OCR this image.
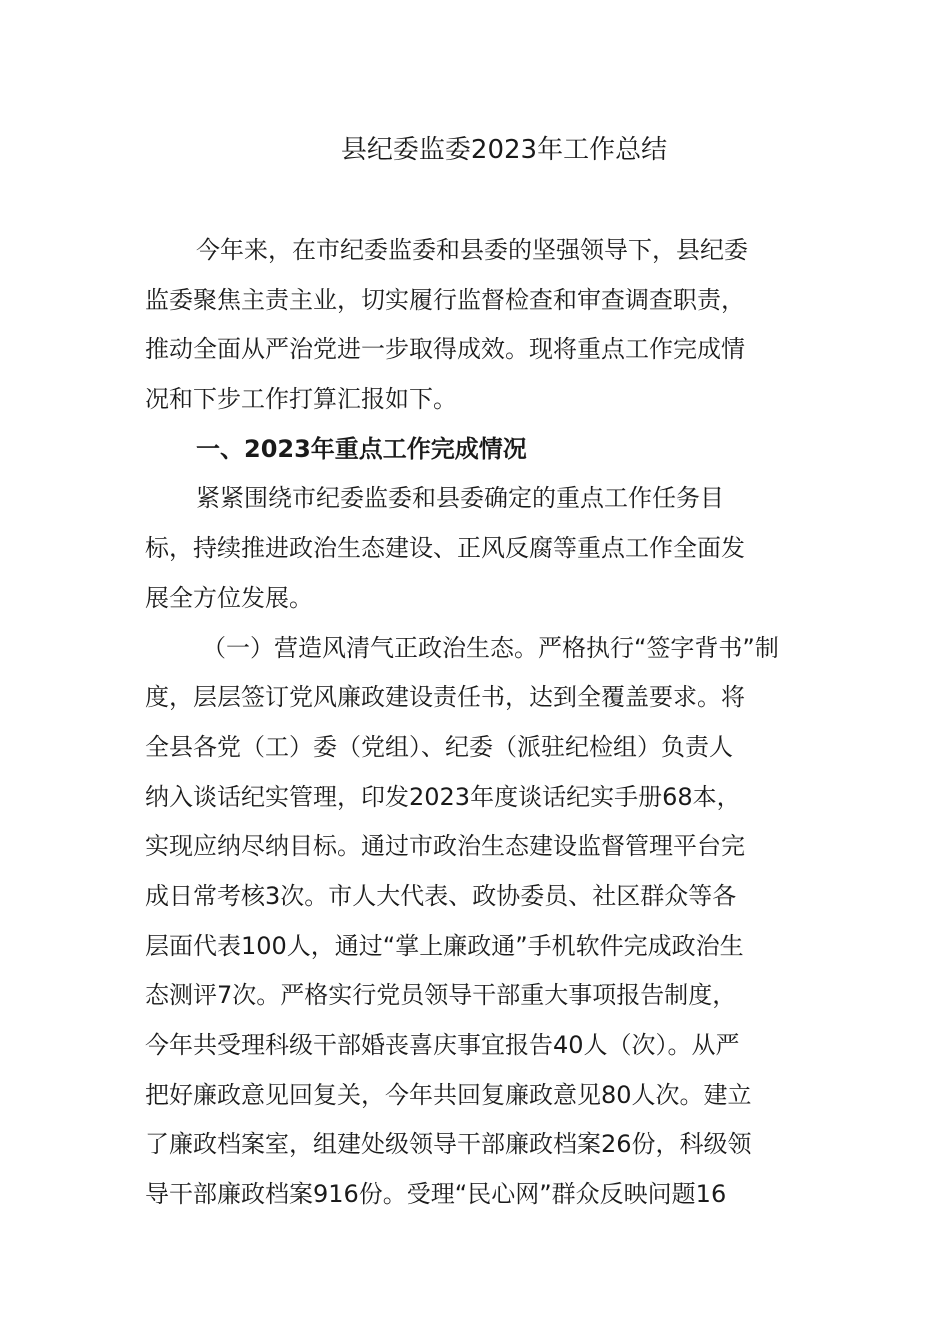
县纪委监委2023年工作总结
今年来，在市纪委监委和县委的坚强领导下，县纪委
监委聚焦主责主业，切实履行监督检查和审查调查职责，
推动全面从严治党进一步取得成效。现将重点工作完成情
况和下步工作打算汇报如下。
一、2023年重点工作完成情况
紧紧围绕市纪委监委和县委确定的重点工作任务目
标，持续推进政治生态建设、正风反腐等重点工作全面发
展全方位发展。
（一）营造风清气正政治生态。严格执行“签字背书”制
度，层层签订党风廉政建设责任书，达到全覆盖要求。将
全县各党（工）委（党组）、纪委（派驻纪检组）负责人
纳入谈话纪实管理，印发2023年度谈话纪实手册68本，
实现应纳尽纳目标。通过市政治生态建设监督管理平台完
成日常考核3次。市人大代表、政协委员、社区群众等各
层面代表100人，通过“掌上廉政通”手机软件完成政治生
态测评7次。严格实行党员领导干部重大事项报告制度，
今年共受理科级干部婚丧喜庆事宜报告40人（次）。从严
把好廉政意见回复关，今年共回复廉政意见80人次。建立
了廉政档案室，组建处级领导干部廉政档案26份，科级领
导干部廉政档案916份。受理“民心网”群众反映问题16
